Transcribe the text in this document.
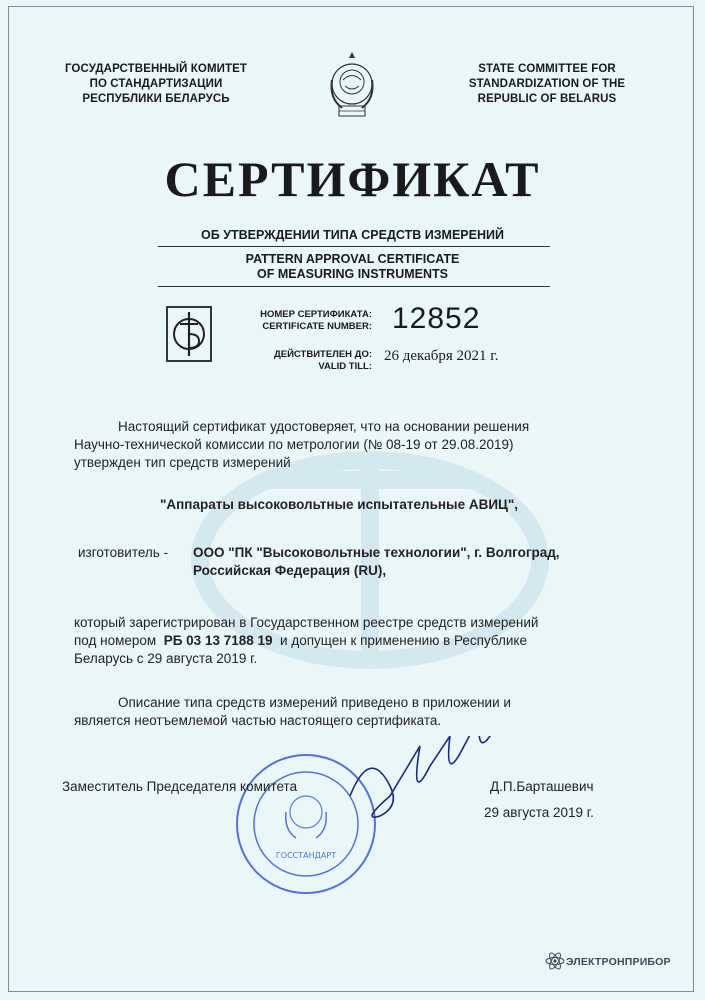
ГОСУДАРСТВЕННЫЙ КОМИТЕТ
ПО СТАНДАРТИЗАЦИИ
РЕСПУБЛИКИ БЕЛАРУСЬ
STATE COMMITTEE FOR
STANDARDIZATION OF THE
REPUBLIC OF BELARUS
СЕРТИФИКАТ
ОБ УТВЕРЖДЕНИИ ТИПА СРЕДСТВ ИЗМЕРЕНИЙ
PATTERN APPROVAL CERTIFICATE
OF MEASURING INSTRUMENTS
НОМЕР СЕРТИФИКАТА:
CERTIFICATE NUMBER: 12852
ДЕЙСТВИТЕЛЕН ДО:
VALID TILL:
26 декабря 2021 г.
Настоящий сертификат удостоверяет, что на основании решения
Научно-технической комиссии по метрологии (№ 08-19 от 29.08.2019)
утвержден тип средств измерений
"Аппараты высоковольтные испытательные АВИЦ",
изготовитель - ООО "ПК "Высоковольтные технологии", г. Волгоград,
Российская Федерация (RU),
который зарегистрирован в Государственном реестре средств измерений
под номером РБ 03 13 7188 19 и допущен к применению в Республике
Беларусь с 29 августа 2019 г.
Описание типа средств измерений приведено в приложении и
является неотъемлемой частью настоящего сертификата.
ГОССТАНДАРТ
Заместитель Председателя комитета	Д.П.Барташевич
29 августа 2019 г.
ЭЛЕКТРОНПРИБОР
